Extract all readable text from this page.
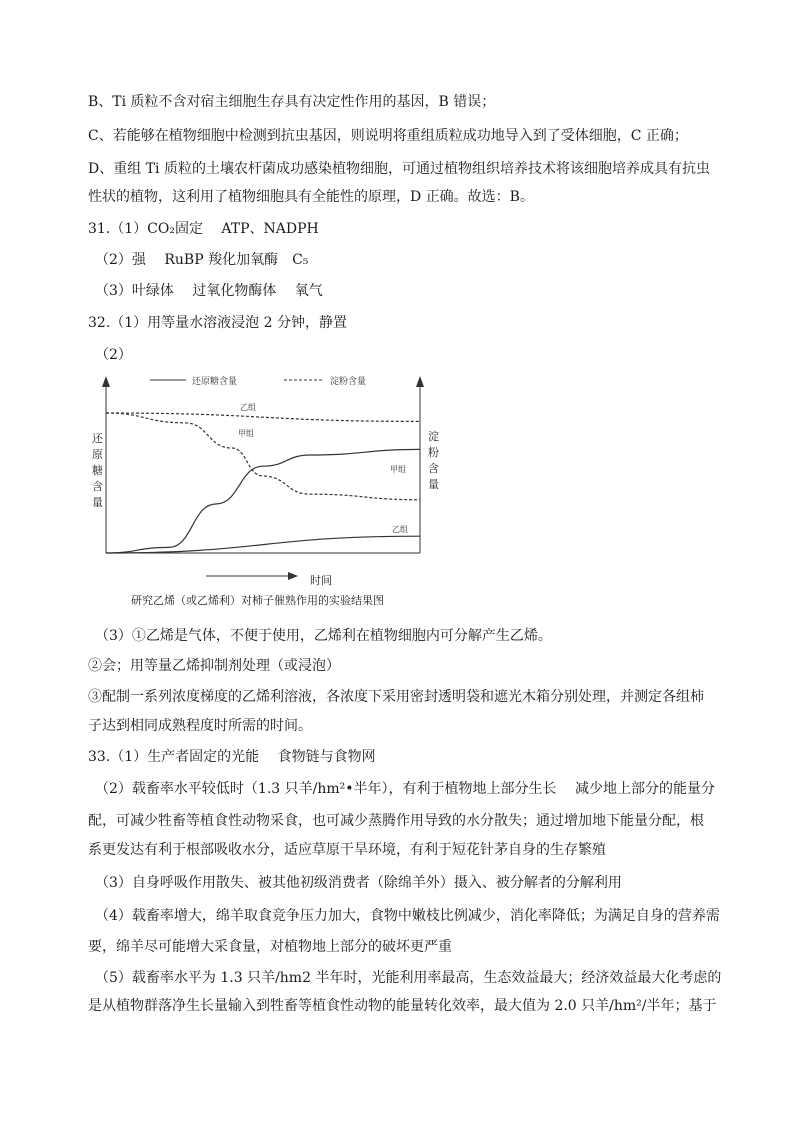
B、Ti 质粒不含对宿主细胞生存具有决定性作用的基因，B 错误；
C、若能够在植物细胞中检测到抗虫基因，则说明将重组质粒成功地导入到了受体细胞，C 正确；
D、重组 Ti 质粒的土壤农杆菌成功感染植物细胞，可通过植物组织培养技术将该细胞培养成具有抗虫
性状的植物，这利用了植物细胞具有全能性的原理，D 正确。故选：B。
31.（1）CO₂固定　 ATP、NADPH
（2）强　 RuBP 羧化加氧酶　C₅
（3）叶绿体　 过氧化物酶体　 氧气
32.（1）用等量水溶液浸泡 2 分钟，静置
（2）
还原糖含量	淀粉含量
还
原
糖
含
量
淀
粉
含
量
乙组
甲组
甲组
乙组
时间
研究乙烯（或乙烯利）对柿子催熟作用的实验结果图
（3）①乙烯是气体，不便于使用，乙烯利在植物细胞内可分解产生乙烯。
②会；用等量乙烯抑制剂处理（或浸泡）
③配制一系列浓度梯度的乙烯利溶液，各浓度下采用密封透明袋和遮光木箱分别处理，并测定各组柿
子达到相同成熟程度时所需的时间。
33.（1）生产者固定的光能　 食物链与食物网
（2）载畜率水平较低时（1.3 只羊/hm²•半年），有利于植物地上部分生长　 减少地上部分的能量分
配，可减少牲畜等植食性动物采食，也可减少蒸腾作用导致的水分散失；通过增加地下能量分配，根
系更发达有利于根部吸收水分，适应草原干旱环境，有利于短花针茅自身的生存繁殖
（3）自身呼吸作用散失、被其他初级消费者（除绵羊外）摄入、被分解者的分解利用
（4）载畜率增大，绵羊取食竞争压力加大，食物中嫩枝比例减少，消化率降低；为满足自身的营养需
要，绵羊尽可能增大采食量，对植物地上部分的破坏更严重
（5）载畜率水平为 1.3 只羊/hm2 半年时，光能利用率最高，生态效益最大；经济效益最大化考虑的
是从植物群落净生长量输入到牲畜等植食性动物的能量转化效率，最大值为 2.0 只羊/hm²/半年；基于
